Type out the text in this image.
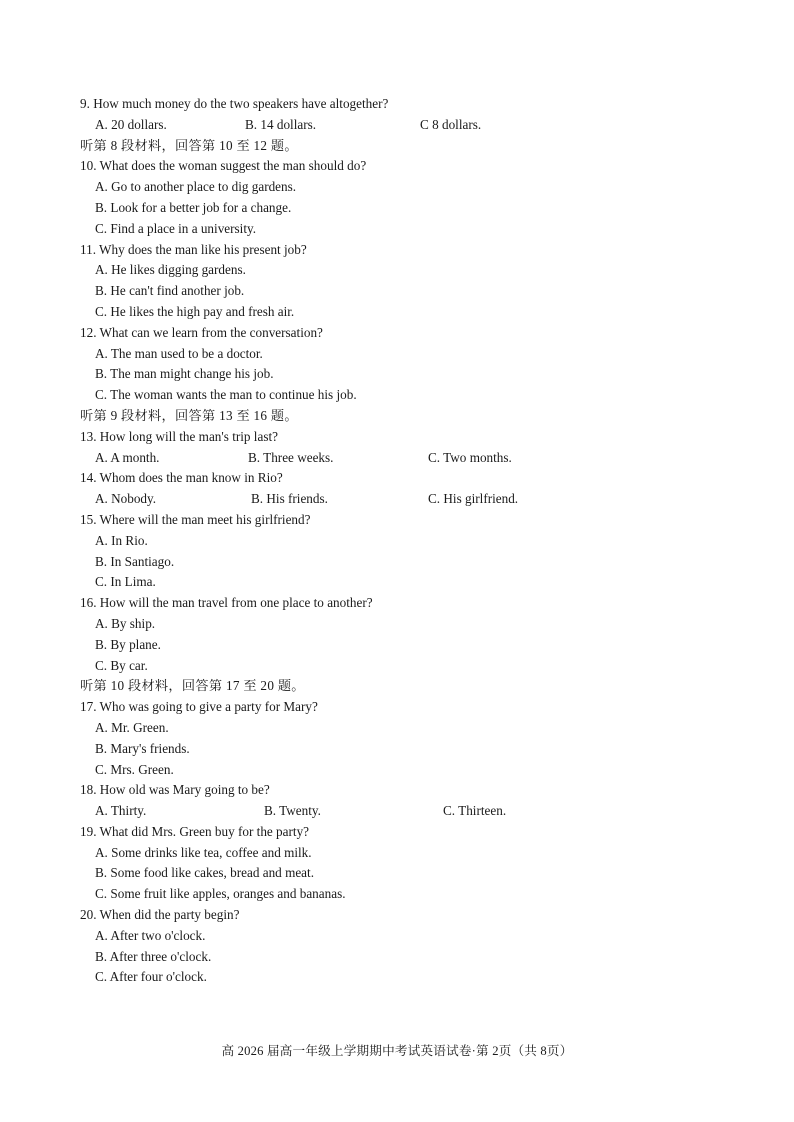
9. How much money do the two speakers have altogether?
A. 20 dollars.	B. 14 dollars.	C 8 dollars.
听第 8 段材料，回答第 10 至 12 题。
10. What does the woman suggest the man should do?
A. Go to another place to dig gardens.
B. Look for a better job for a change.
C. Find a place in a university.
11. Why does the man like his present job?
A. He likes digging gardens.
B. He can't find another job.
C. He likes the high pay and fresh air.
12. What can we learn from the conversation?
A. The man used to be a doctor.
B. The man might change his job.
C. The woman wants the man to continue his job.
听第 9 段材料，回答第 13 至 16 题。
13. How long will the man's trip last?
A. A month.	B. Three weeks.	C. Two months.
14. Whom does the man know in Rio?
A. Nobody.	B. His friends.	C. His girlfriend.
15. Where will the man meet his girlfriend?
A. In Rio.
B. In Santiago.
C. In Lima.
16. How will the man travel from one place to another?
A. By ship.
B. By plane.
C. By car.
听第 10 段材料，回答第 17 至 20 题。
17. Who was going to give a party for Mary?
A. Mr. Green.
B. Mary's friends.
C. Mrs. Green.
18. How old was Mary going to be?
A. Thirty.	B. Twenty.	C. Thirteen.
19. What did Mrs. Green buy for the party?
A. Some drinks like tea, coffee and milk.
B. Some food like cakes, bread and meat.
C. Some fruit like apples, oranges and bananas.
20. When did the party begin?
A. After two o'clock.
B. After three o'clock.
C. After four o'clock.
高 2026 届高一年级上学期期中考试英语试卷·第 2页（共 8页）
